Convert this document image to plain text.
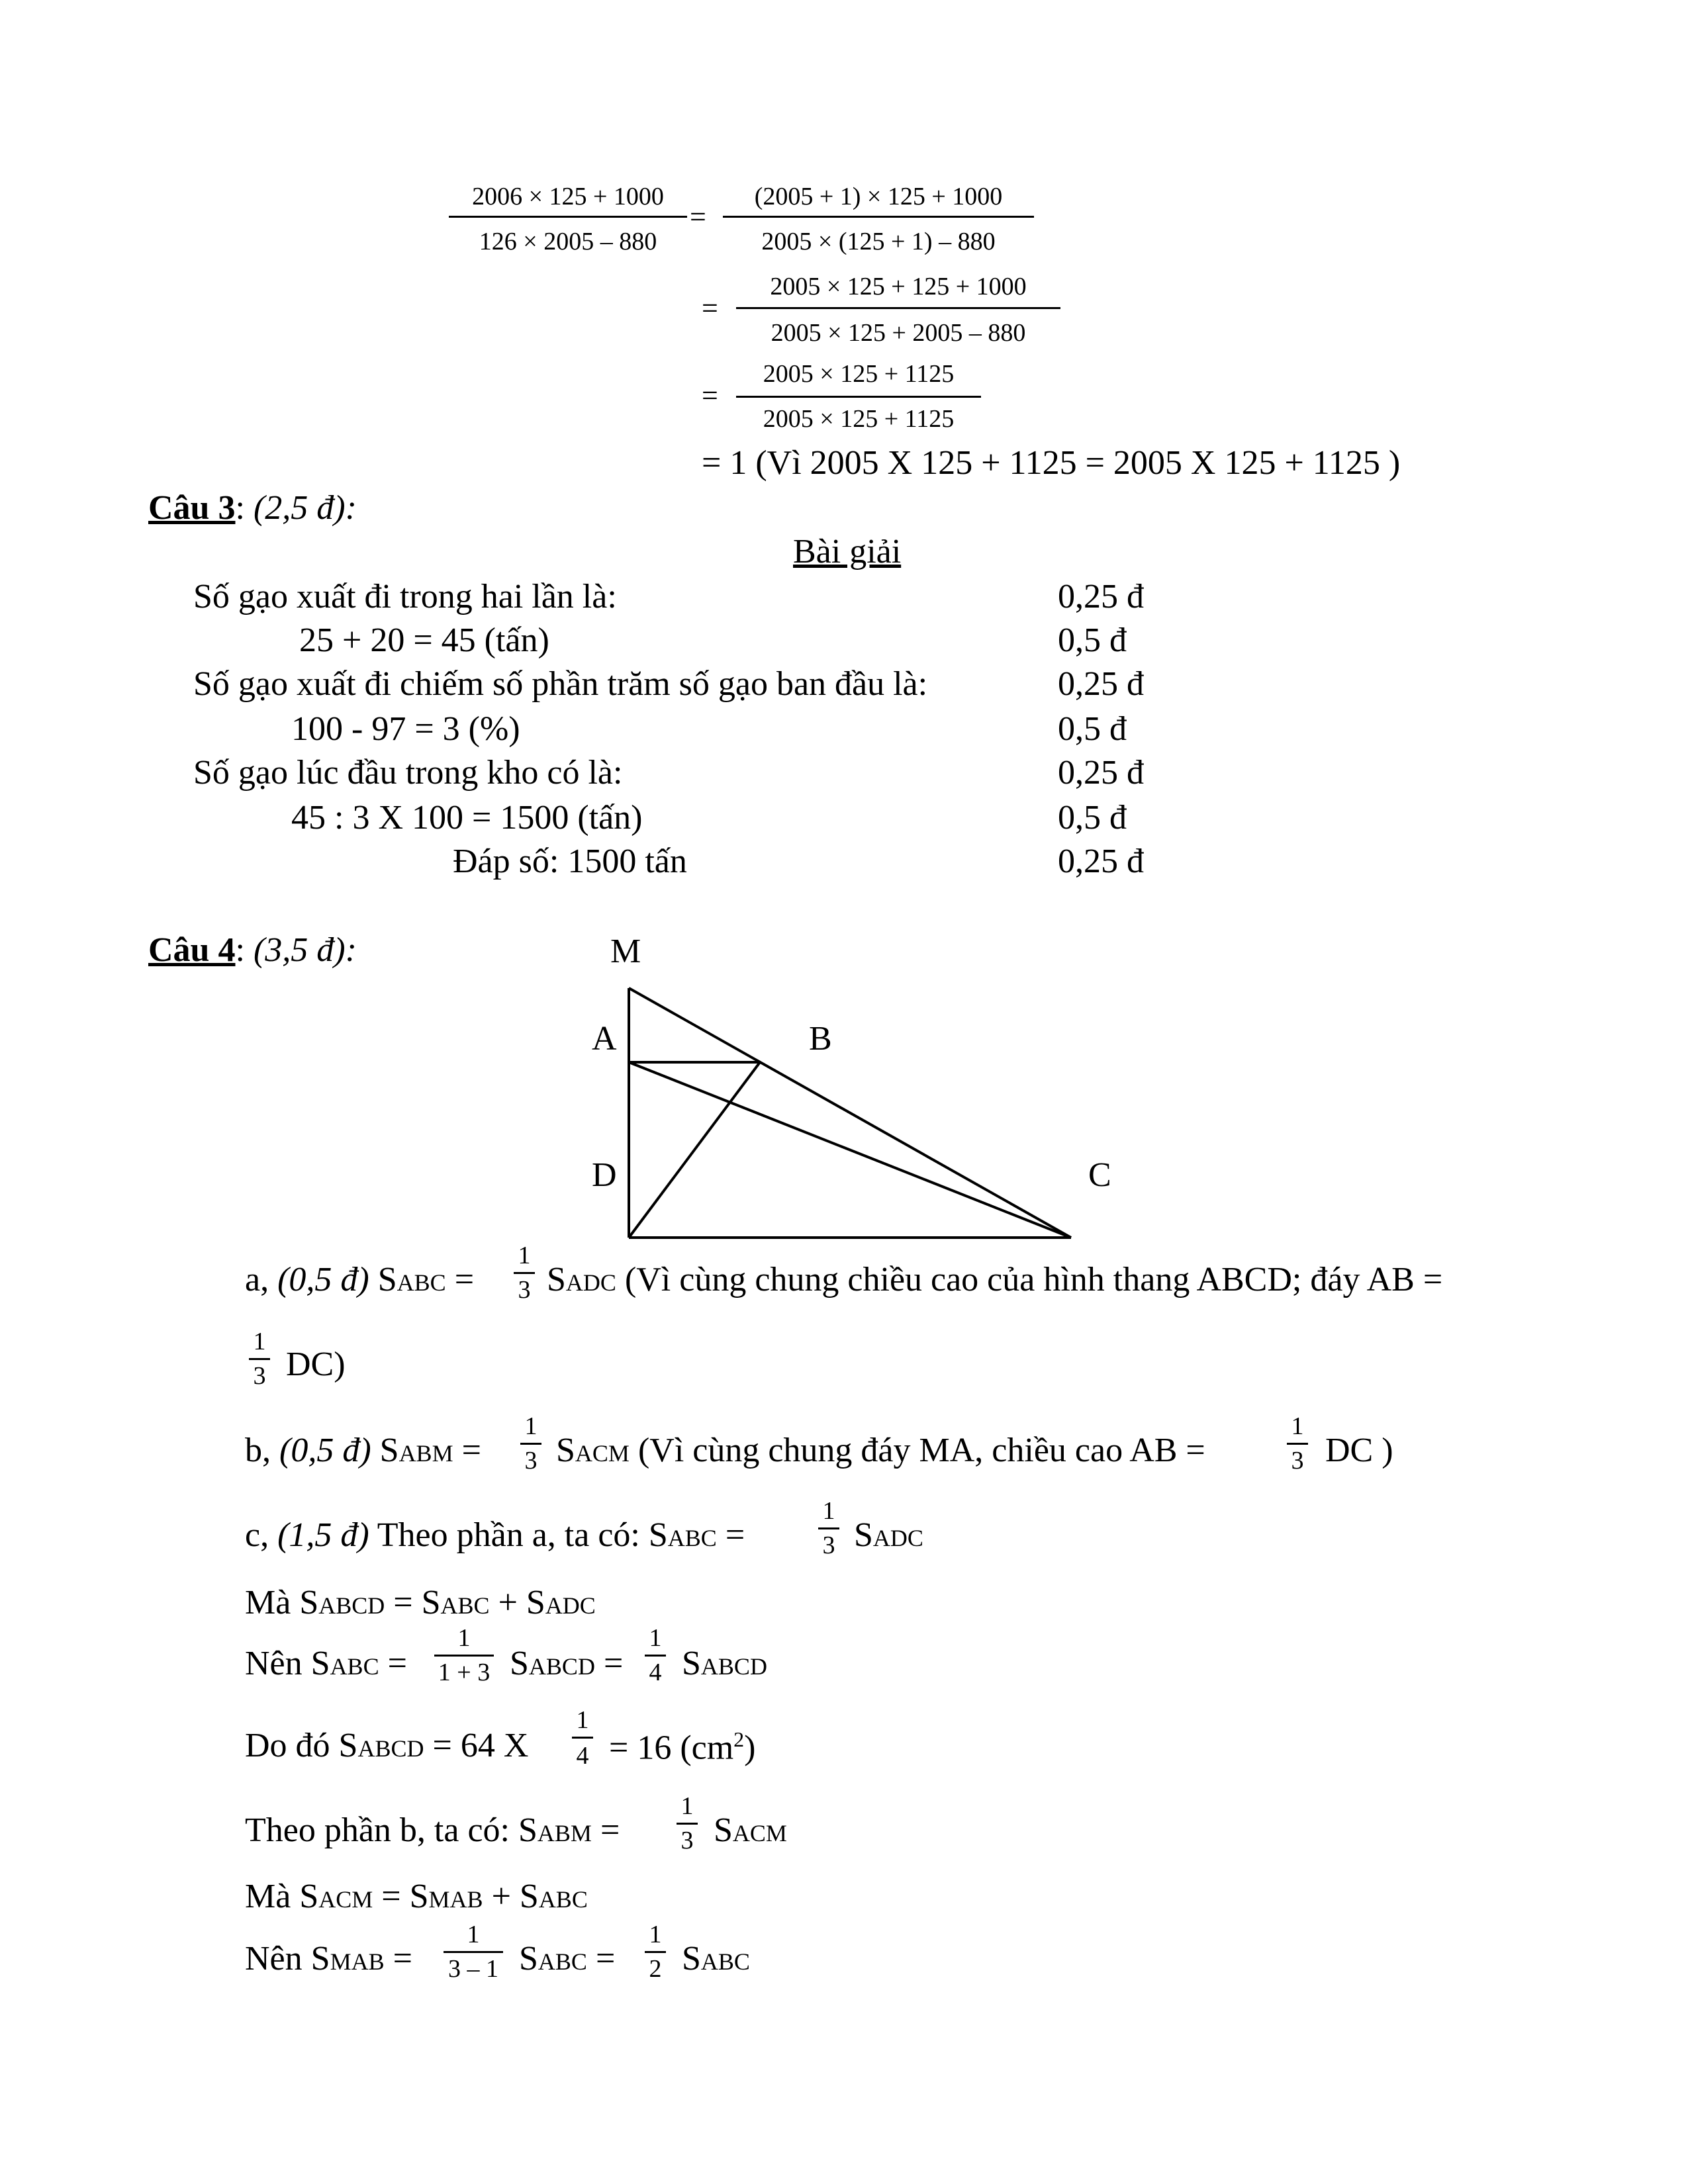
2006 × 125 + 1000
126 × 2005 – 880
=
(2005 + 1) × 125 + 1000
2005 × (125 + 1) – 880
=
2005 × 125 + 125 + 1000
2005 × 125 + 2005 – 880
=
2005 × 125 + 1125
2005 × 125 + 1125
= 1 (Vì 2005 X 125 + 1125 = 2005 X 125 + 1125 )
Câu 3: (2,5 đ):
Bài giải
Số gạo xuất đi trong hai lần là:	0,25 đ
25 + 20 = 45 (tấn)	0,5 đ
Số gạo xuất đi chiếm số phần trăm số gạo ban đầu là:	0,25 đ
100 - 97 = 3 (%)	0,5 đ
Số gạo lúc đầu trong kho có là:	0,25 đ
45 : 3 X 100 = 1500 (tấn)	0,5 đ
Đáp số: 1500 tấn	0,25 đ
Câu 4: (3,5 đ):	M
A	B
D	C
a, (0,5 đ) SABC =
1
3 SADC (Vì cùng chung chiều cao của hình thang ABCD; đáy AB =
1
3 DC)
b, (0,5 đ) SABM =
1
3 SACM (Vì cùng chung đáy MA, chiều cao AB =
1
3 DC )
c, (1,5 đ) Theo phần a, ta có: SABC =
1
3 SADC
Mà SABCD = SABC + SADC
Nên SABC =
1
1 + 3 SABCD =
1
4 SABCD
Do đó SABCD = 64 X
1
4 = 16 $(cm^2)$
Theo phần b, ta có: SABM =
1
3 SACM
Mà SACM = SMAB + SABC
Nên SMAB =
1
3 – 1 SABC =
1
2 SABC
